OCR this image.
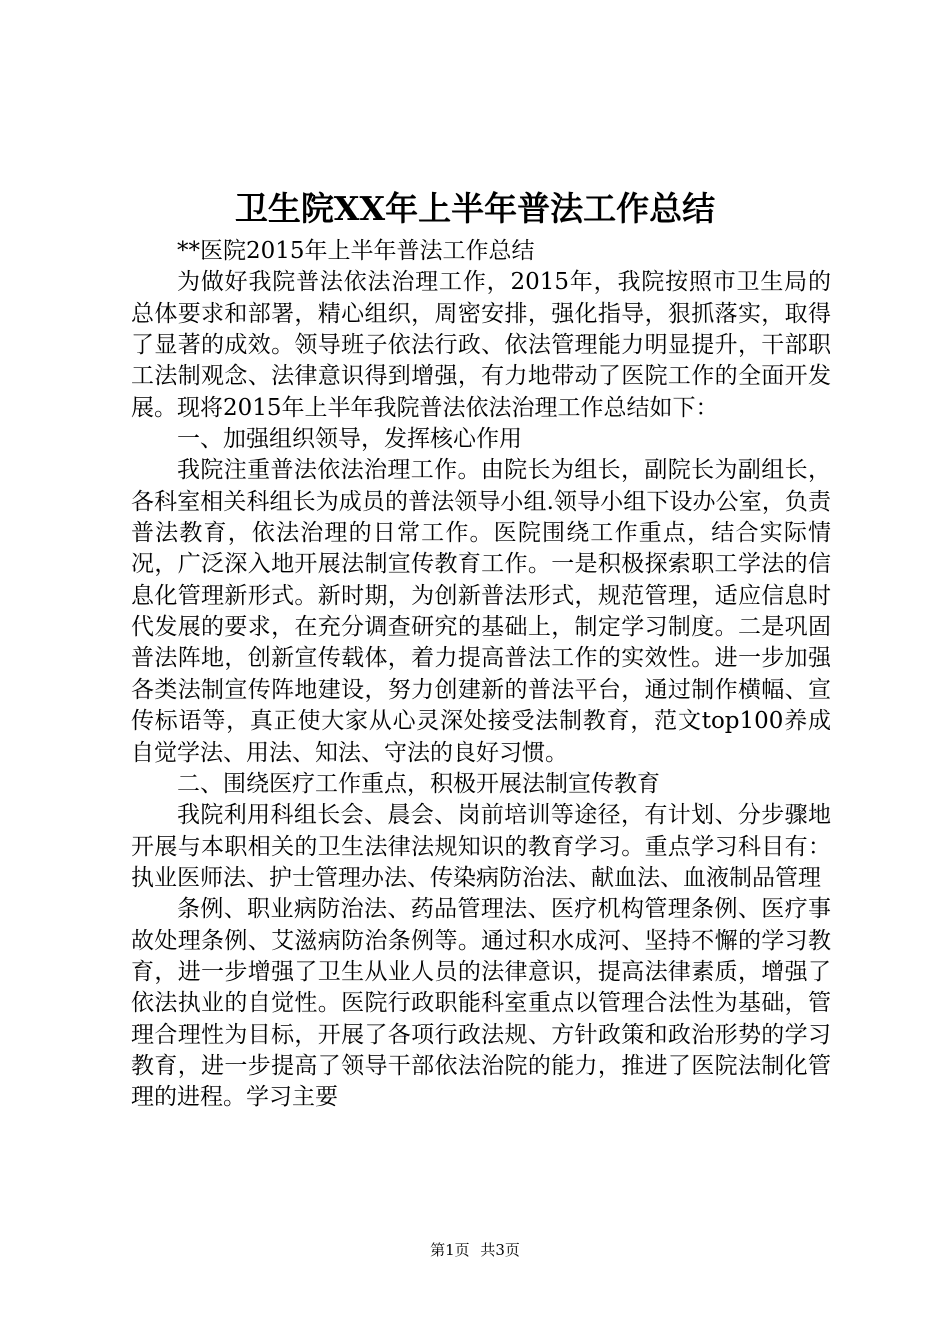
卫生院XX年上半年普法工作总结

**医院2015年上半年普法工作总结

为做好我院普法依法治理工作，2015年，我院按照市卫生局的总体要求和部署，精心组织，周密安排，强化指导，狠抓落实，取得了显著的成效。领导班子依法行政、依法管理能力明显提升，干部职工法制观念、法律意识得到增强，有力地带动了医院工作的全面开发展。现将2015年上半年我院普法依法治理工作总结如下：

一、加强组织领导，发挥核心作用

我院注重普法依法治理工作。由院长为组长，副院长为副组长，各科室相关科组长为成员的普法领导小组.领导小组下设办公室，负责普法教育，依法治理的日常工作。医院围绕工作重点，结合实际情况，广泛深入地开展法制宣传教育工作。一是积极探索职工学法的信息化管理新形式。新时期，为创新普法形式，规范管理，适应信息时代发展的要求，在充分调查研究的基础上，制定学习制度。二是巩固普法阵地，创新宣传载体，着力提高普法工作的实效性。进一步加强各类法制宣传阵地建设，努力创建新的普法平台，通过制作横幅、宣传标语等，真正使大家从心灵深处接受法制教育，范文top100养成自觉学法、用法、知法、守法的良好习惯。

二、围绕医疗工作重点，积极开展法制宣传教育

我院利用科组长会、晨会、岗前培训等途径，有计划、分步骤地开展与本职相关的卫生法律法规知识的教育学习。重点学习科目有：执业医师法、护士管理办法、传染病防治法、献血法、血液制品管理

条例、职业病防治法、药品管理法、医疗机构管理条例、医疗事故处理条例、艾滋病防治条例等。通过积水成河、坚持不懈的学习教育，进一步增强了卫生从业人员的法律意识，提高法律素质，增强了依法执业的自觉性。医院行政职能科室重点以管理合法性为基础，管理合理性为目标，开展了各项行政法规、方针政策和政治形势的学习教育，进一步提高了领导干部依法治院的能力，推进了医院法制化管理的进程。学习主要

第1页 共3页
